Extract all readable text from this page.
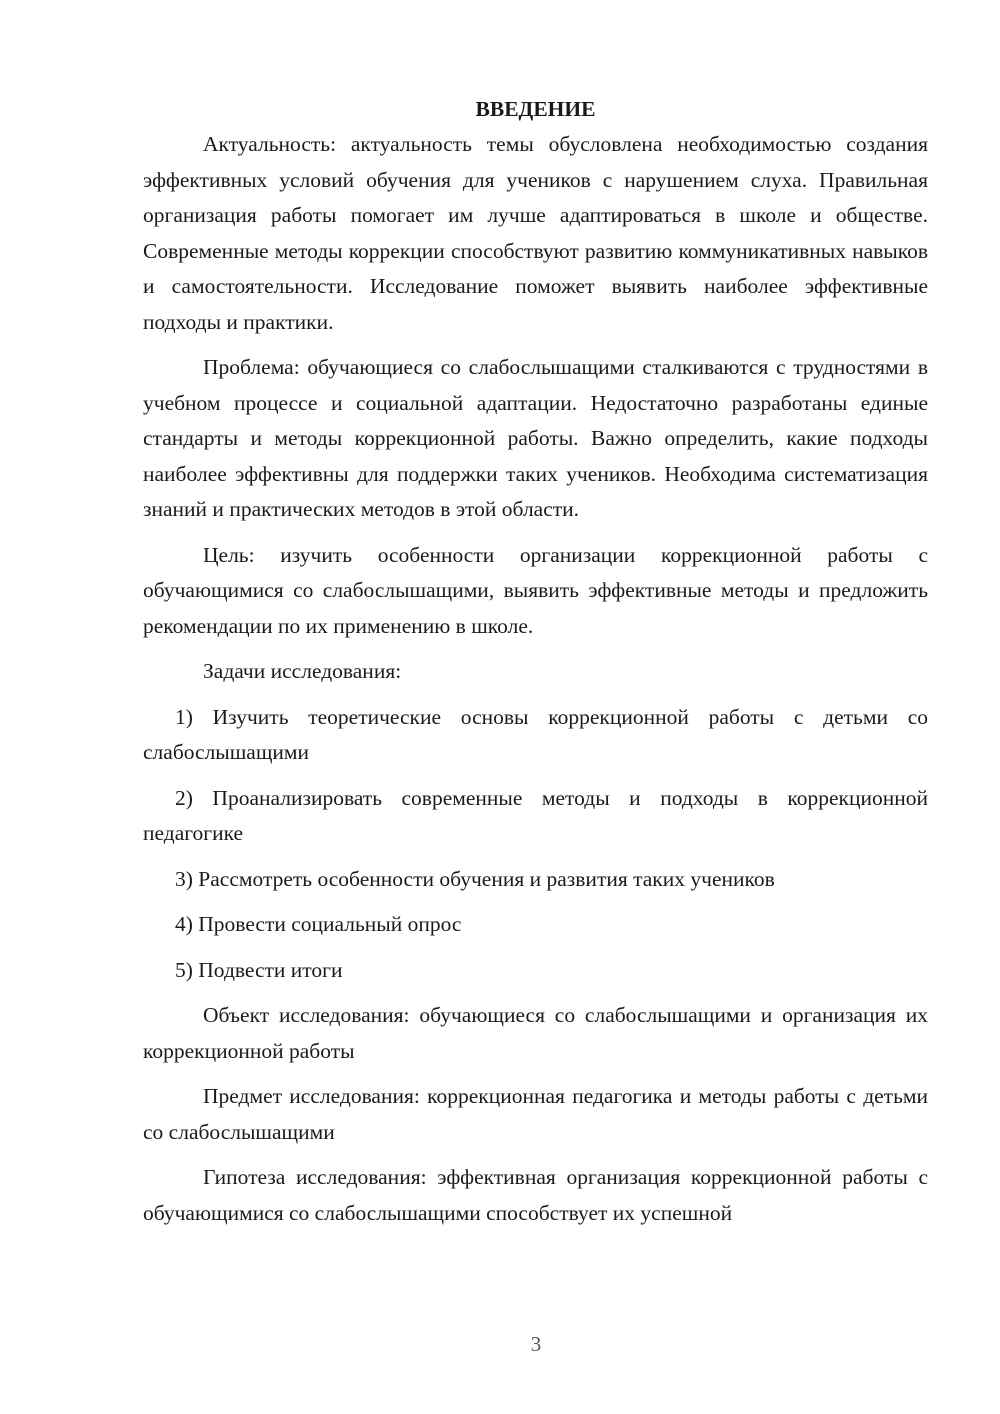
ВВЕДЕНИЕ

Актуальность: актуальность темы обусловлена необходимостью создания эффективных условий обучения для учеников с нарушением слуха. Правильная организация работы помогает им лучше адаптироваться в школе и обществе. Современные методы коррекции способствуют развитию коммуникативных навыков и самостоятельности. Исследование поможет выявить наиболее эффективные подходы и практики.

Проблема: обучающиеся со слабослышащими сталкиваются с трудностями в учебном процессе и социальной адаптации. Недостаточно разработаны единые стандарты и методы коррекционной работы. Важно определить, какие подходы наиболее эффективны для поддержки таких учеников. Необходима систематизация знаний и практических методов в этой области.

Цель: изучить особенности организации коррекционной работы с обучающимися со слабослышащими, выявить эффективные методы и предложить рекомендации по их применению в школе.

Задачи исследования:

1) Изучить теоретические основы коррекционной работы с детьми со слабослышащими

2) Проанализировать современные методы и подходы в коррекционной педагогике

3) Рассмотреть особенности обучения и развития таких учеников

4) Провести социальный опрос

5) Подвести итоги

Объект исследования: обучающиеся со слабослышащими и организация их коррекционной работы

Предмет исследования: коррекционная педагогика и методы работы с детьми со слабослышащими

Гипотеза исследования: эффективная организация коррекционной работы с обучающимися со слабослышащими способствует их успешной

3
